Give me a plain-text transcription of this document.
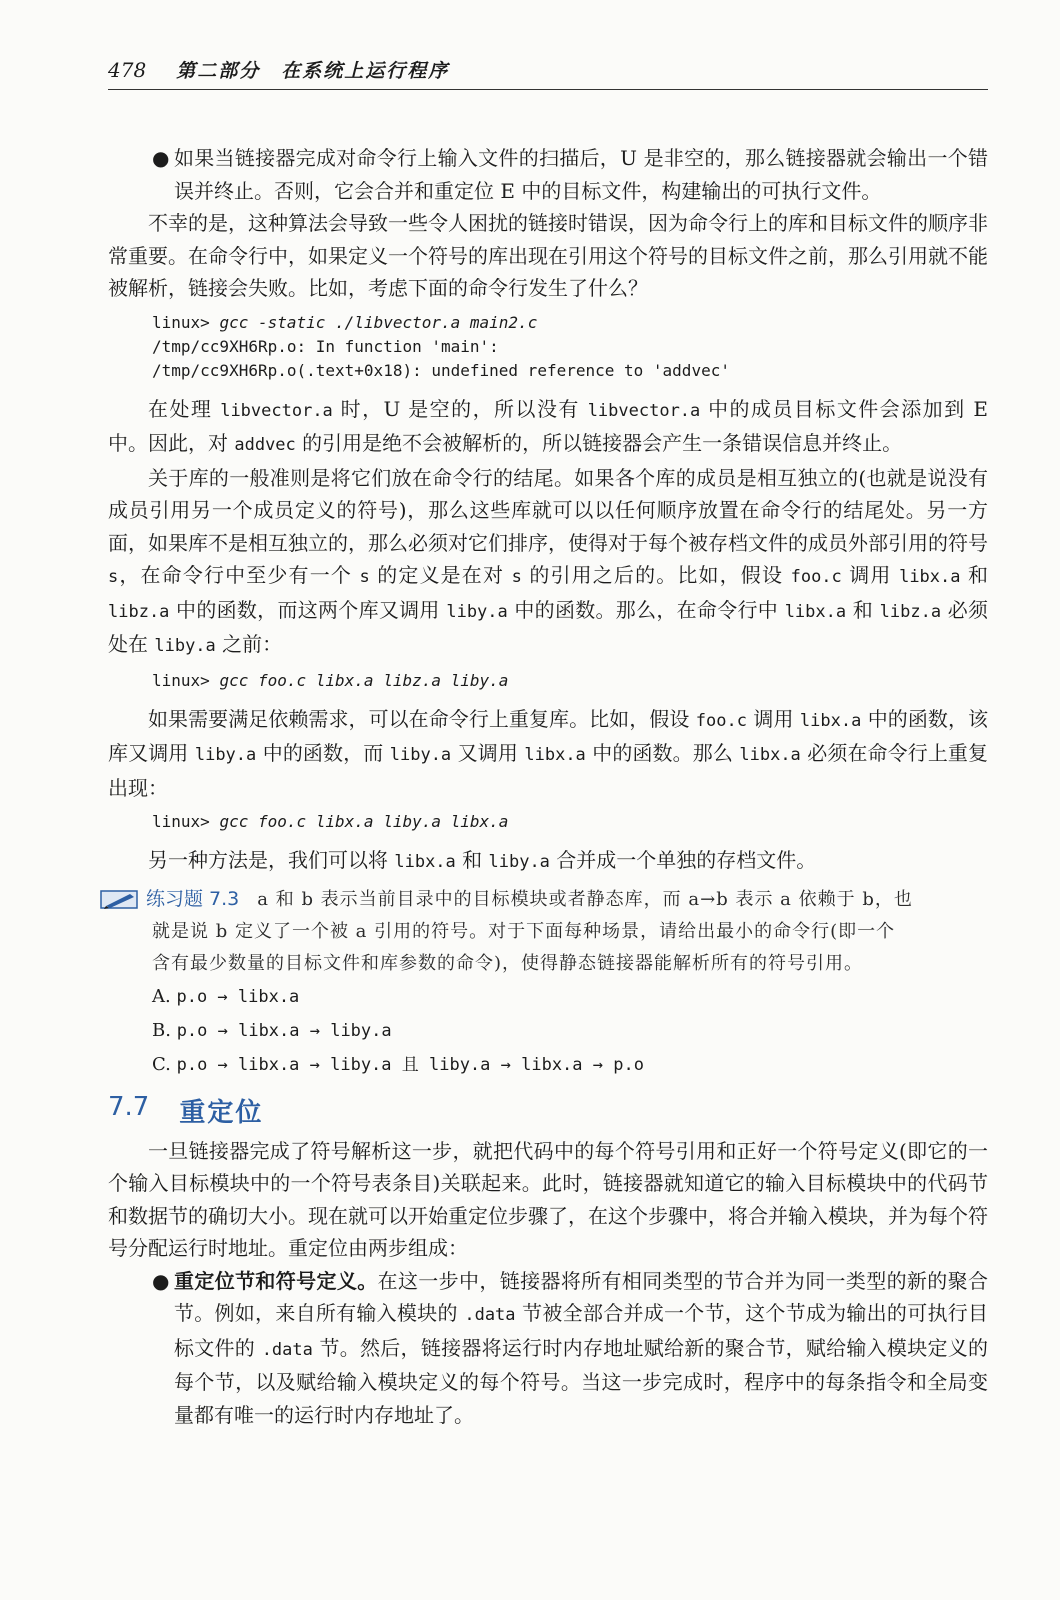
478 第二部分　在系统上运行程序
● 如果当链接器完成对命令行上输入文件的扫描后，U 是非空的，那么链接器就会输出一个错误并终止。否则，它会合并和重定位 E 中的目标文件，构建输出的可执行文件。

不幸的是，这种算法会导致一些令人困扰的链接时错误，因为命令行上的库和目标文件的顺序非常重要。在命令行中，如果定义一个符号的库出现在引用这个符号的目标文件之前，那么引用就不能被解析，链接会失败。比如，考虑下面的命令行发生了什么？

linux> gcc -static ./libvector.a main2.c
/tmp/cc9XH6Rp.o: In function 'main':
/tmp/cc9XH6Rp.o(.text+0x18): undefined reference to 'addvec'

在处理 libvector.a 时，U 是空的，所以没有 libvector.a 中的成员目标文件会添加到 E 中。因此，对 addvec 的引用是绝不会被解析的，所以链接器会产生一条错误信息并终止。

关于库的一般准则是将它们放在命令行的结尾。如果各个库的成员是相互独立的(也就是说没有成员引用另一个成员定义的符号)，那么这些库就可以以任何顺序放置在命令行的结尾处。另一方面，如果库不是相互独立的，那么必须对它们排序，使得对于每个被存档文件的成员外部引用的符号 s，在命令行中至少有一个 s 的定义是在对 s 的引用之后的。比如，假设 foo.c 调用 libx.a 和 libz.a 中的函数，而这两个库又调用 liby.a 中的函数。那么，在命令行中 libx.a 和 libz.a 必须处在 liby.a 之前：

linux> gcc foo.c libx.a libz.a liby.a

如果需要满足依赖需求，可以在命令行上重复库。比如，假设 foo.c 调用 libx.a 中的函数，该库又调用 liby.a 中的函数，而 liby.a 又调用 libx.a 中的函数。那么 libx.a 必须在命令行上重复出现：

linux> gcc foo.c libx.a liby.a libx.a

另一种方法是，我们可以将 libx.a 和 liby.a 合并成一个单独的存档文件。

练习题 7.3 a 和 b 表示当前目录中的目标模块或者静态库，而 a→b 表示 a 依赖于 b，也
就是说 b 定义了一个被 a 引用的符号。对于下面每种场景，请给出最小的命令行(即一个
含有最少数量的目标文件和库参数的命令)，使得静态链接器能解析所有的符号引用。
A. p.o → libx.a
B. p.o → libx.a → liby.a
C. p.o → libx.a → liby.a 且 liby.a → libx.a → p.o
7.7 重定位

一旦链接器完成了符号解析这一步，就把代码中的每个符号引用和正好一个符号定义(即它的一个输入目标模块中的一个符号表条目)关联起来。此时，链接器就知道它的输入目标模块中的代码节和数据节的确切大小。现在就可以开始重定位步骤了，在这个步骤中，将合并输入模块，并为每个符号分配运行时地址。重定位由两步组成：

● 重定位节和符号定义。在这一步中，链接器将所有相同类型的节合并为同一类型的新的聚合节。例如，来自所有输入模块的 .data 节被全部合并成一个节，这个节成为输出的可执行目标文件的 .data 节。然后，链接器将运行时内存地址赋给新的聚合节，赋给输入模块定义的每个节，以及赋给输入模块定义的每个符号。当这一步完成时，程序中的每条指令和全局变量都有唯一的运行时内存地址了。
